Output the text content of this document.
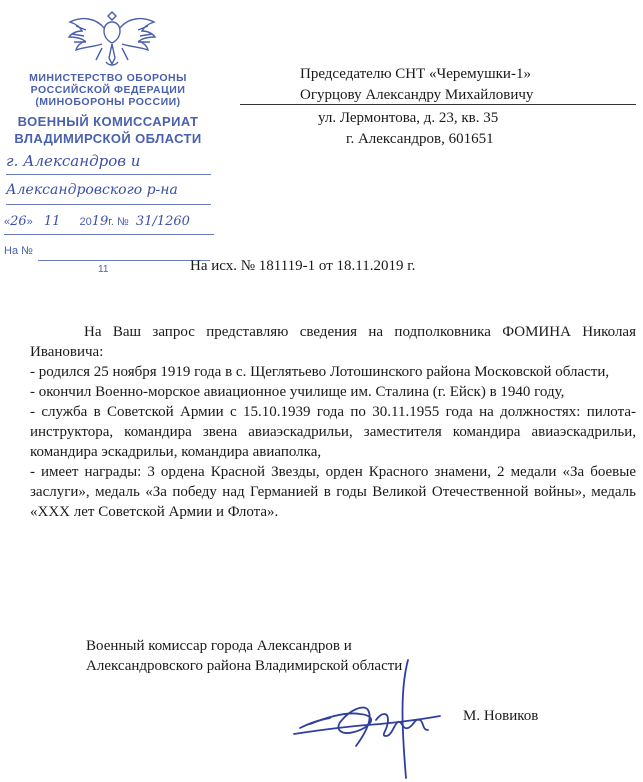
МИНИСТЕРСТВО ОБОРОНЫ
РОССИЙСКОЙ ФЕДЕРАЦИИ
(МИНОБОРОНЫ РОССИИ)
ВОЕННЫЙ КОМИССАРИАТ
ВЛАДИМИРСКОЙ ОБЛАСТИ
г. Александров и
Александровского р-на
«26» 11 2019г. № 31/1260
На №
11
Председателю СНТ «Черемушки-1»
Огурцову Александру Михайловичу
ул. Лермонтова, д. 23, кв. 35
г. Александров, 601651
На исх. № 181119-1 от 18.11.2019 г.

На Ваш запрос представляю сведения на подполковника ФОМИНА Николая Ивановича:

- родился 25 ноября 1919 года в с. Щеглятьево Лотошинского района Московской области,

- окончил Военно-морское авиационное училище им. Сталина (г. Ейск) в 1940 году,

- служба в Советской Армии с 15.10.1939 года по 30.11.1955 года на должностях: пилота-инструктора, командира звена авиаэскадрильи, заместителя командира авиаэскадрильи, командира эскадрильи, командира авиаполка,

- имеет награды: 3 ордена Красной Звезды, орден Красного знамени, 2 медали «За боевые заслуги», медаль «За победу над Германией в годы Великой Отечественной войны», медаль «XXX лет Советской Армии и Флота».

Военный комиссар города Александров и
Александровского района Владимирской области
М. Новиков
